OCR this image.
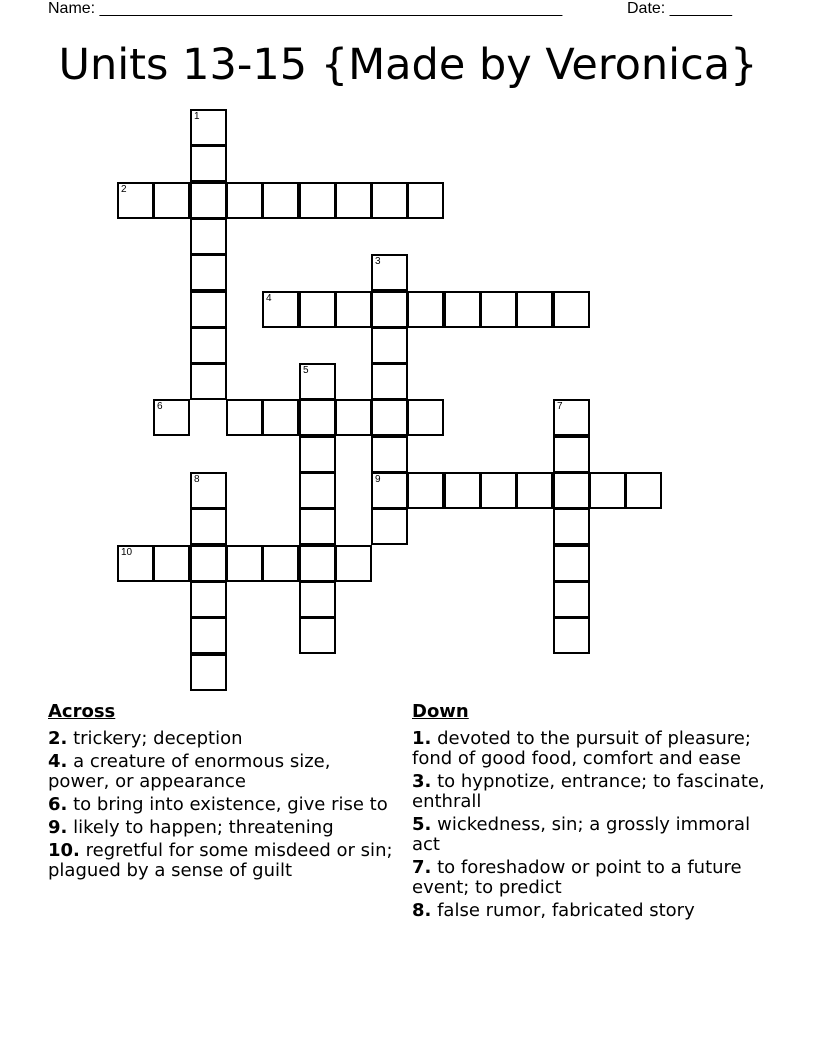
Name: ____________________________________________________	Date: _______
Units 13-15 {Made by Veronica}
1
2
3
4
5
6	7
8	9
10
Across
2. trickery; deception
4. a creature of enormous size, power, or appearance
6. to bring into existence, give rise to
9. likely to happen; threatening
10. regretful for some misdeed or sin; plagued by a sense of guilt
Down
1. devoted to the pursuit of pleasure; fond of good food, comfort and ease
3. to hypnotize, entrance; to fascinate, enthrall
5. wickedness, sin; a grossly immoral act
7. to foreshadow or point to a future event; to predict
8. false rumor, fabricated story
